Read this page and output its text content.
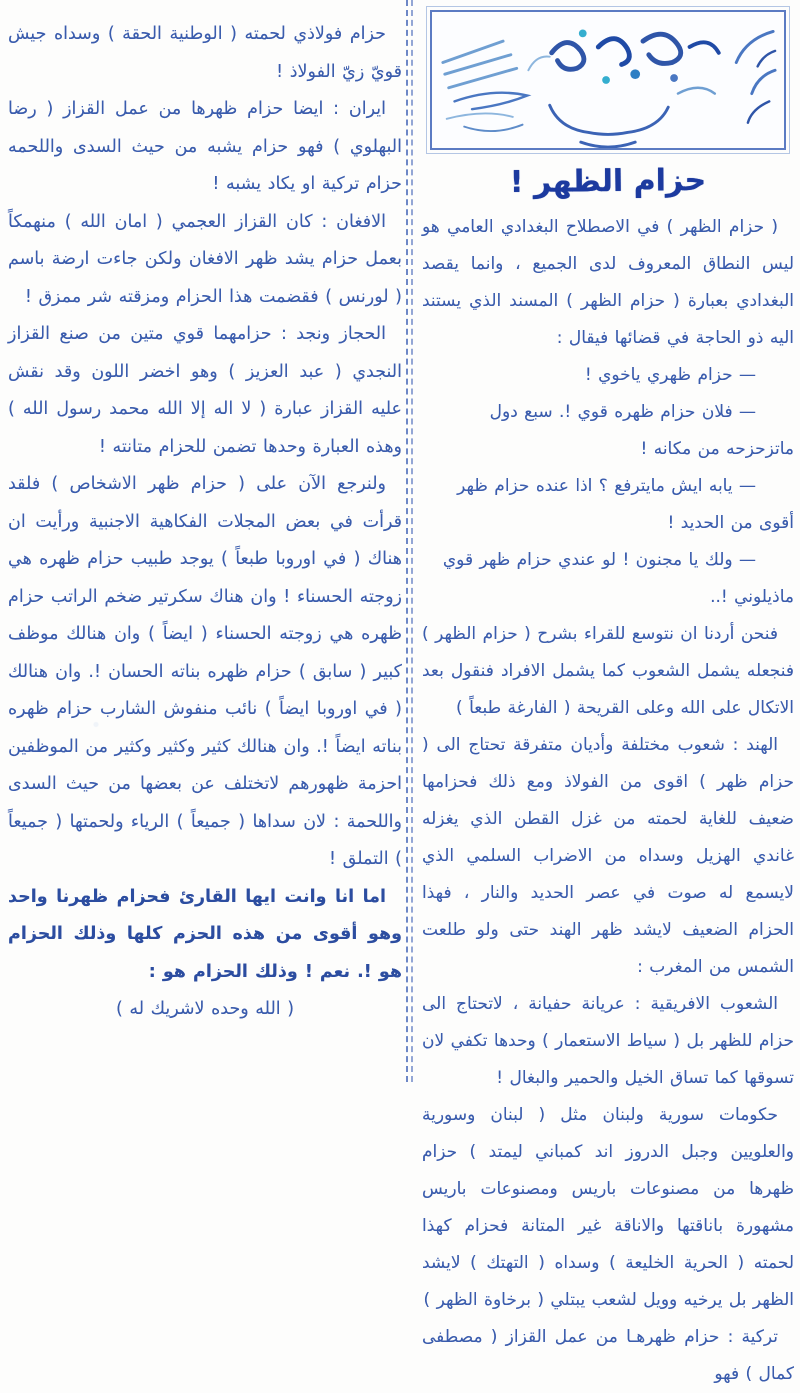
حزام الظهر !

( حزام الظهر ) في الاصطلاح البغدادي العامي هو ليس النطاق المعروف لدى الجميع ، وانما يقصد البغدادي بعبارة ( حزام الظهر ) المسند الذي يستند اليه ذو الحاجة في قضائها فيقال :

— حزام ظهري ياخوي !

— فلان حزام ظهره قوي !. سبع دول ماتزحزحه من مكانه !

— يابه ايش مايترفع ؟ اذا عنده حزام ظهر أقوى من الحديد !

— ولك يا مجنون ! لو عندي حزام ظهر قوي ماذيلوني !..

فنحن أردنا ان نتوسع للقراء بشرح ( حزام الظهر ) فنجعله يشمل الشعوب كما يشمل الافراد فنقول بعد الاتكال على الله وعلى القريحة ( الفارغة طبعاً )

الهند : شعوب مختلفة وأديان متفرقة تحتاج الى ( حزام ظهر ) اقوى من الفولاذ ومع ذلك فحزامها ضعيف للغاية لحمته من غزل القطن الذي يغزله غاندي الهزيل وسداه من الاضراب السلمي الذي لايسمع له صوت في عصر الحديد والنار ، فهذا الحزام الضعيف لايشد ظهر الهند حتى ولو طلعت الشمس من المغرب :

الشعوب الافريقية : عريانة حفيانة ، لاتحتاج الى حزام للظهر بل ( سياط الاستعمار ) وحدها تكفي لان تسوقها كما تساق الخيل والحمير والبغال !

حكومات سورية ولبنان مثل ( لبنان وسورية والعلويين وجبل الدروز اند كمباني ليمتد ) حزام ظهرها من مصنوعات باريس ومصنوعات باريس مشهورة باناقتها والاناقة غير المتانة فحزام كهذا لحمته ( الحرية الخليعة ) وسداه ( التهتك ) لايشد الظهر بل يرخيه وويل لشعب يبتلي ( برخاوة الظهر )

تركية : حزام ظهرهـا من عمل القزاز ( مصطفى كمال ) فهو

حزام فولاذي لحمته ( الوطنية الحقة ) وسداه جيش قويّ زيّ الفولاذ !

ايران : ايضا حزام ظهرها من عمل القزاز ( رضا البهلوي ) فهو حزام يشبه من حيث السدى واللحمه حزام تركية او يكاد يشبه !

الافغان : كان القزاز العجمي ( امان الله ) منهمكاً بعمل حزام يشد ظهر الافغان ولكن جاءت ارضة باسم ( لورنس ) فقضمت هذا الحزام ومزقته شر ممزق !

الحجاز ونجد : حزامهما قوي متين من صنع القزاز النجدي ( عبد العزيز ) وهو اخضر اللون وقد نقش عليه القزاز عبارة ( لا اله إلا الله محمد رسول الله ) وهذه العبارة وحدها تضمن للحزام متانته !

ولنرجع الآن على ( حزام ظهر الاشخاص ) فلقد قرأت في بعض المجلات الفكاهية الاجنبية ورأيت ان هناك ( في اوروبا طبعاً ) يوجد طبيب حزام ظهره هي زوجته الحسناء ! وان هناك سكرتير ضخم الراتب حزام ظهره هي زوجته الحسناء ( ايضاً ) وان هنالك موظف كبير ( سابق ) حزام ظهره بناته الحسان !. وان هنالك ( في اوروبا ايضاً ) نائب منفوش الشارب حزام ظهره بناته ايضاً !. وان هنالك كثير وكثير وكثير من الموظفين احزمة ظهورهم لاتختلف عن بعضها من حيث السدى واللحمة : لان سداها ( جميعاً ) الرياء ولحمتها ( جميعاً ) التملق !

اما انا وانت ايها القارئ فحزام ظهرنا واحد وهو أقوى من هذه الحزم كلها وذلك الحزام هو !. نعم ! وذلك الحزام هو :

( الله وحده لاشريك له )
